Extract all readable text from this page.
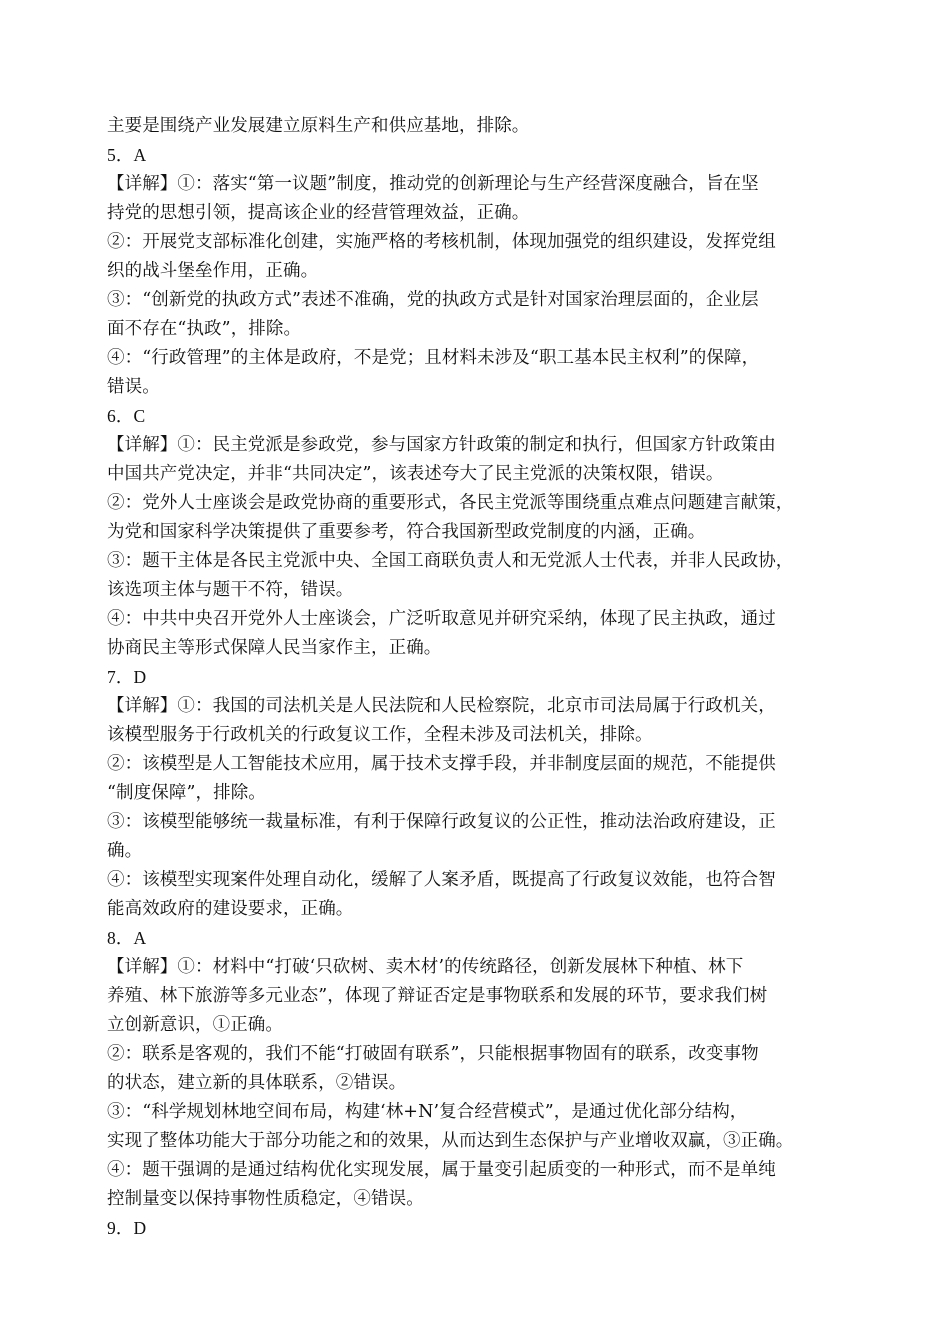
主要是围绕产业发展建立原料生产和供应基地，排除。
5．A
【详解】①：落实“第一议题”制度，推动党的创新理论与生产经营深度融合，旨在坚
持党的思想引领，提高该企业的经营管理效益，正确。
②：开展党支部标准化创建，实施严格的考核机制，体现加强党的组织建设，发挥党组
织的战斗堡垒作用，正确。
③：“创新党的执政方式”表述不准确，党的执政方式是针对国家治理层面的，企业层
面不存在“执政”，排除。
④：“行政管理”的主体是政府，不是党；且材料未涉及“职工基本民主权利”的保障，
错误。
6．C
【详解】①：民主党派是参政党，参与国家方针政策的制定和执行，但国家方针政策由
中国共产党决定，并非“共同决定”，该表述夸大了民主党派的决策权限，错误。
②：党外人士座谈会是政党协商的重要形式，各民主党派等围绕重点难点问题建言献策，
为党和国家科学决策提供了重要参考，符合我国新型政党制度的内涵，正确。
③：题干主体是各民主党派中央、全国工商联负责人和无党派人士代表，并非人民政协，
该选项主体与题干不符，错误。
④：中共中央召开党外人士座谈会，广泛听取意见并研究采纳，体现了民主执政，通过
协商民主等形式保障人民当家作主，正确。
7．D
【详解】①：我国的司法机关是人民法院和人民检察院，北京市司法局属于行政机关，
该模型服务于行政机关的行政复议工作，全程未涉及司法机关，排除。
②：该模型是人工智能技术应用，属于技术支撑手段，并非制度层面的规范，不能提供
“制度保障”，排除。
③：该模型能够统一裁量标准，有利于保障行政复议的公正性，推动法治政府建设，正
确。
④：该模型实现案件处理自动化，缓解了人案矛盾，既提高了行政复议效能，也符合智
能高效政府的建设要求，正确。
8．A
【详解】①：材料中“打破‘只砍树、卖木材’的传统路径，创新发展林下种植、林下
养殖、林下旅游等多元业态”，体现了辩证否定是事物联系和发展的环节，要求我们树
立创新意识，①正确。
②：联系是客观的，我们不能“打破固有联系”，只能根据事物固有的联系，改变事物
的状态，建立新的具体联系，②错误。
③：“科学规划林地空间布局，构建‘林+N’复合经营模式”，是通过优化部分结构，
实现了整体功能大于部分功能之和的效果，从而达到生态保护与产业增收双赢，③正确。
④：题干强调的是通过结构优化实现发展，属于量变引起质变的一种形式，而不是单纯
控制量变以保持事物性质稳定，④错误。
9．D
